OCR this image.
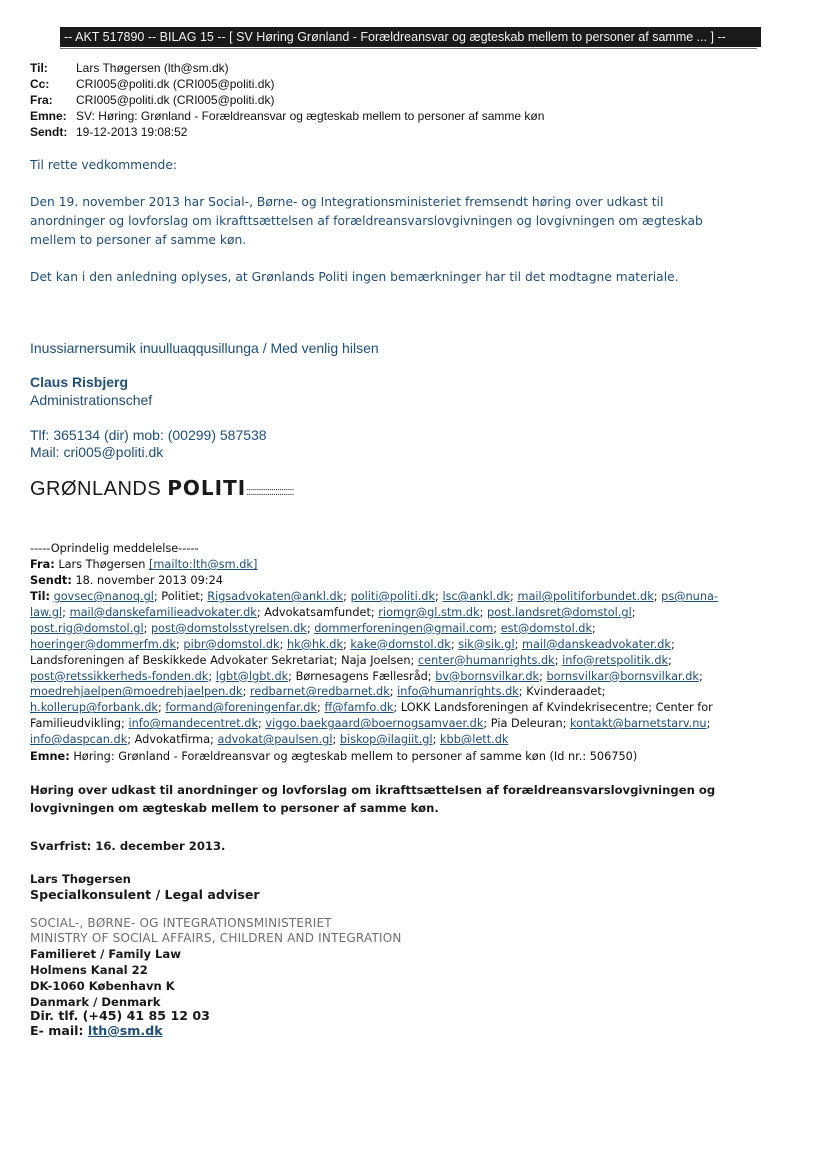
-- AKT 517890 -- BILAG 15 -- [ SV Høring Grønland - Forældreansvar og ægteskab mellem to personer af samme ... ] --
Til: Lars Thøgersen (lth@sm.dk)
Cc: CRI005@politi.dk (CRI005@politi.dk)
Fra: CRI005@politi.dk (CRI005@politi.dk)
Emne: SV: Høring: Grønland - Forældreansvar og ægteskab mellem to personer af samme køn
Sendt: 19-12-2013 19:08:52
Til rette vedkommende:
Den 19. november 2013 har Social-, Børne- og Integrationsministeriet fremsendt høring over udkast til
anordninger og lovforslag om ikrafttsættelsen af forældreansvarslovgivningen og lovgivningen om ægteskab
mellem to personer af samme køn.
Det kan i den anledning oplyses, at Grønlands Politi ingen bemærkninger har til det modtagne materiale.
Inussiarnersumik inuulluaqqusillunga / Med venlig hilsen
Claus Risbjerg
Administrationschef
Tlf: 365134 (dir) mob: (00299) 587538
Mail: cri005@politi.dk
GRØNLANDS POLITI:::::::::::::::::::::::
-----Oprindelig meddelelse-----
Fra: Lars Thøgersen [mailto:lth@sm.dk]
Sendt: 18. november 2013 09:24
Til: govsec@nanoq.gl; Politiet; Rigsadvokaten@ankl.dk; politi@politi.dk; lsc@ankl.dk; mail@politiforbundet.dk; ps@nuna-
law.gl; mail@danskefamilieadvokater.dk; Advokatsamfundet; riomgr@gl.stm.dk; post.landsret@domstol.gl;
post.rig@domstol.gl; post@domstolsstyrelsen.dk; dommerforeningen@gmail.com; est@domstol.dk;
hoeringer@dommerfm.dk; pibr@domstol.dk; hk@hk.dk; kake@domstol.dk; sik@sik.gl; mail@danskeadvokater.dk;
Landsforeningen af Beskikkede Advokater Sekretariat; Naja Joelsen; center@humanrights.dk; info@retspolitik.dk;
post@retssikkerheds-fonden.dk; lgbt@lgbt.dk; Børnesagens Fællesråd; bv@bornsvilkar.dk; bornsvilkar@bornsvilkar.dk;
moedrehjaelpen@moedrehjaelpen.dk; redbarnet@redbarnet.dk; info@humanrights.dk; Kvinderaadet;
h.kollerup@forbank.dk; formand@foreningenfar.dk; ff@famfo.dk; LOKK Landsforeningen af Kvindekrisecentre; Center for
Familieudvikling; info@mandecentret.dk; viggo.baekgaard@boernogsamvaer.dk; Pia Deleuran; kontakt@barnetstarv.nu;
info@daspcan.dk; Advokatfirma; advokat@paulsen.gl; biskop@ilagiit.gl; kbb@lett.dk
Emne: Høring: Grønland - Forældreansvar og ægteskab mellem to personer af samme køn (Id nr.: 506750)
Høring over udkast til anordninger og lovforslag om ikrafttsætteIsen af forældreansvarslovgivningen og
lovgivningen om ægteskab mellem to personer af samme køn.
Svarfrist: 16. december 2013.
Lars Thøgersen
Specialkonsulent / Legal adviser
SOCIAL-, BØRNE- OG INTEGRATIONSMINISTERIET
MINISTRY OF SOCIAL AFFAIRS, CHILDREN AND INTEGRATION
Familieret / Family Law
Holmens Kanal 22
DK-1060 København K
Danmark / Denmark
Dir. tlf. (+45) 41 85 12 03
E- mail: lth@sm.dk
